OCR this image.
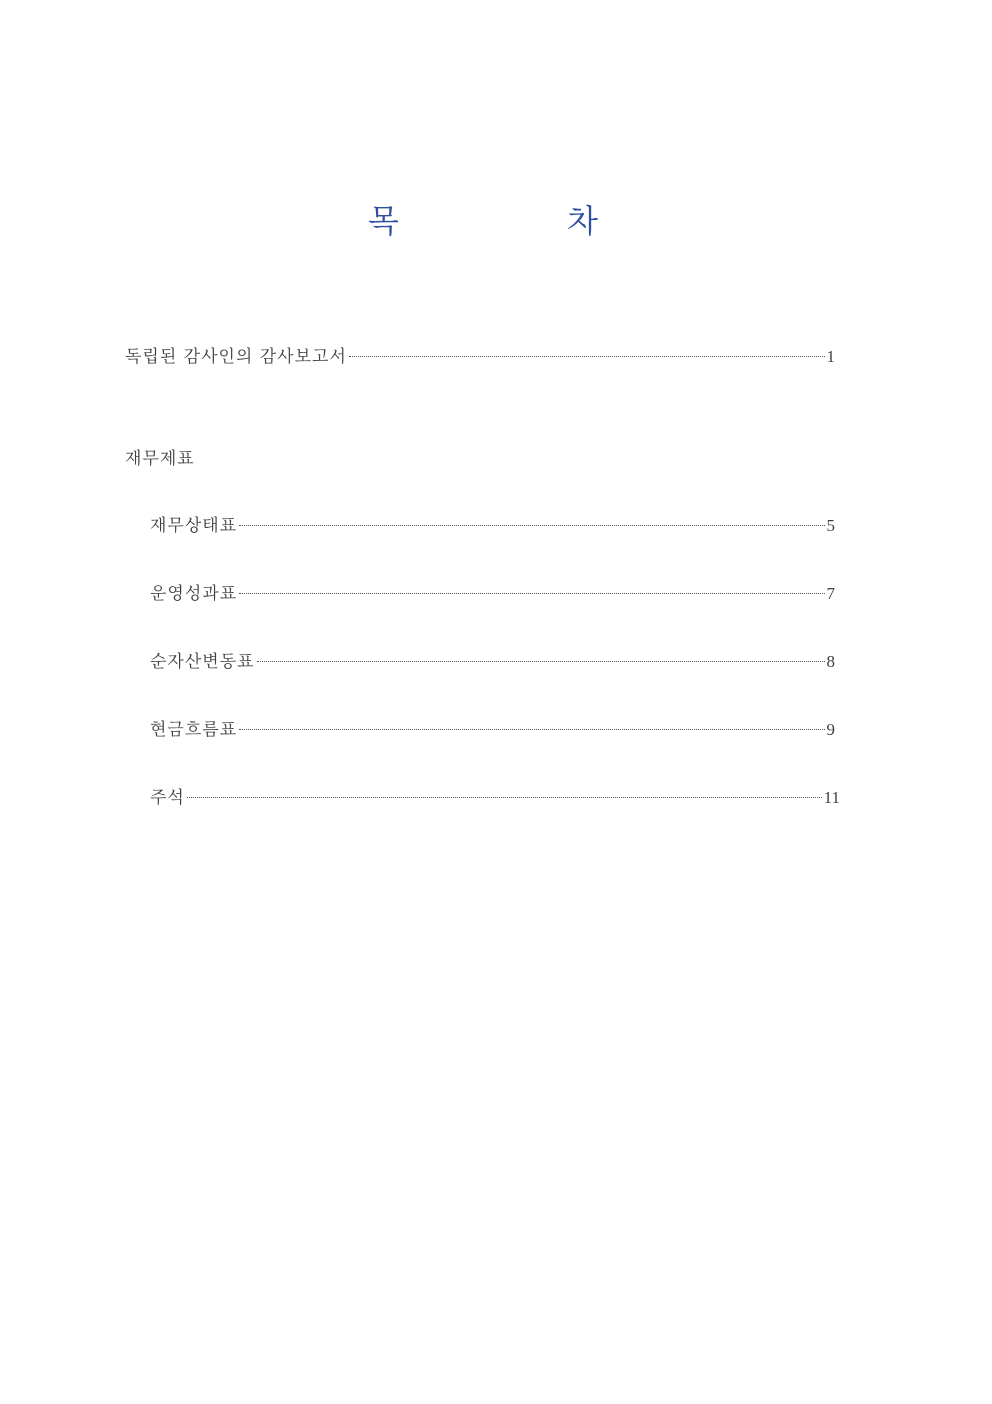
목	차
독립된 감사인의 감사보고서	1
재무제표
재무상태표	5
운영성과표	7
순자산변동표	8
현금흐름표	9
주석	11
